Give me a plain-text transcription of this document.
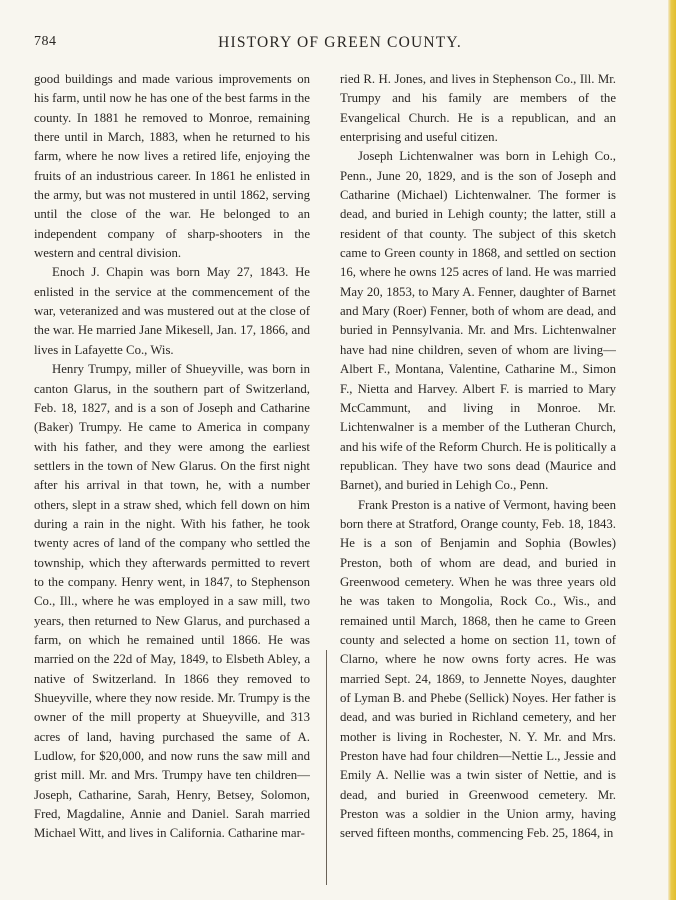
784	HISTORY OF GREEN COUNTY.

good buildings and made various improvements on his farm, until now he has one of the best farms in the county. In 1881 he removed to Monroe, remaining there until in March, 1883, when he returned to his farm, where he now lives a retired life, enjoying the fruits of an industrious career. In 1861 he enlisted in the army, but was not mustered in until 1862, serving until the close of the war. He belonged to an independent company of sharp-shooters in the western and central division.

Enoch J. Chapin was born May 27, 1843. He enlisted in the service at the commencement of the war, veteranized and was mustered out at the close of the war. He married Jane Mikesell, Jan. 17, 1866, and lives in Lafayette Co., Wis.

Henry Trumpy, miller of Shueyville, was born in canton Glarus, in the southern part of Switzerland, Feb. 18, 1827, and is a son of Joseph and Catharine (Baker) Trumpy. He came to America in company with his father, and they were among the earliest settlers in the town of New Glarus. On the first night after his arrival in that town, he, with a number others, slept in a straw shed, which fell down on him during a rain in the night. With his father, he took twenty acres of land of the company who settled the township, which they afterwards permitted to revert to the company. Henry went, in 1847, to Stephenson Co., Ill., where he was employed in a saw mill, two years, then returned to New Glarus, and purchased a farm, on which he remained until 1866. He was married on the 22d of May, 1849, to Elsbeth Abley, a native of Switzerland. In 1866 they removed to Shueyville, where they now reside. Mr. Trumpy is the owner of the mill property at Shueyville, and 313 acres of land, having purchased the same of A. Ludlow, for $20,000, and now runs the saw mill and grist mill. Mr. and Mrs. Trumpy have ten children—Joseph, Catharine, Sarah, Henry, Betsey, Solomon, Fred, Magdaline, Annie and Daniel. Sarah married Michael Witt, and lives in California. Catharine mar-

ried R. H. Jones, and lives in Stephenson Co., Ill. Mr. Trumpy and his family are members of the Evangelical Church. He is a republican, and an enterprising and useful citizen.

Joseph Lichtenwalner was born in Lehigh Co., Penn., June 20, 1829, and is the son of Joseph and Catharine (Michael) Lichtenwalner. The former is dead, and buried in Lehigh county; the latter, still a resident of that county. The subject of this sketch came to Green county in 1868, and settled on section 16, where he owns 125 acres of land. He was married May 20, 1853, to Mary A. Fenner, daughter of Barnet and Mary (Roer) Fenner, both of whom are dead, and buried in Pennsylvania. Mr. and Mrs. Lichtenwalner have had nine children, seven of whom are living—Albert F., Montana, Valentine, Catharine M., Simon F., Nietta and Harvey. Albert F. is married to Mary McCammunt, and living in Monroe. Mr. Lichtenwalner is a member of the Lutheran Church, and his wife of the Reform Church. He is politically a republican. They have two sons dead (Maurice and Barnet), and buried in Lehigh Co., Penn.

Frank Preston is a native of Vermont, having been born there at Stratford, Orange county, Feb. 18, 1843. He is a son of Benjamin and Sophia (Bowles) Preston, both of whom are dead, and buried in Greenwood cemetery. When he was three years old he was taken to Mongolia, Rock Co., Wis., and remained until March, 1868, then he came to Green county and selected a home on section 11, town of Clarno, where he now owns forty acres. He was married Sept. 24, 1869, to Jennette Noyes, daughter of Lyman B. and Phebe (Sellick) Noyes. Her father is dead, and was buried in Richland cemetery, and her mother is living in Rochester, N. Y. Mr. and Mrs. Preston have had four children—Nettie L., Jessie and Emily A. Nellie was a twin sister of Nettie, and is dead, and buried in Greenwood cemetery. Mr. Preston was a soldier in the Union army, having served fifteen months, commencing Feb. 25, 1864, in
